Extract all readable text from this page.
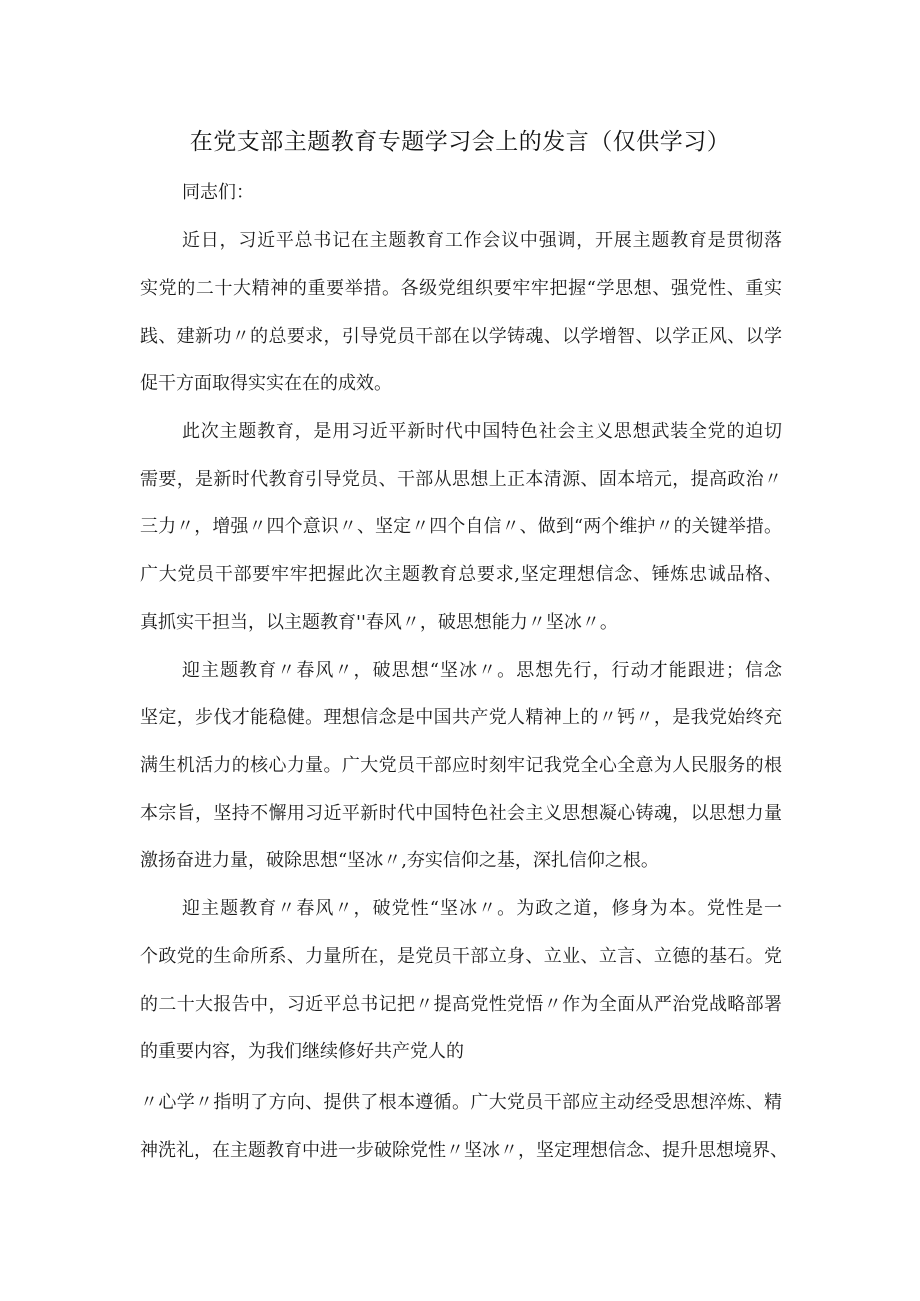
在党支部主题教育专题学习会上的发言（仅供学习）
同志们：
近日，习近平总书记在主题教育工作会议中强调，开展主题教育是贯彻落
实党的二十大精神的重要举措。各级党组织要牢牢把握“学思想、强党性、重实
践、建新功〃的总要求，引导党员干部在以学铸魂、以学增智、以学正风、以学
促干方面取得实实在在的成效。
此次主题教育，是用习近平新时代中国特色社会主义思想武装全党的迫切
需要，是新时代教育引导党员、干部从思想上正本清源、固本培元，提高政治〃
三力〃，增强〃四个意识〃、坚定〃四个自信〃、做到“两个维护〃的关键举措。
广大党员干部要牢牢把握此次主题教育总要求,坚定理想信念、锤炼忠诚品格、
真抓实干担当，以主题教育''春风〃，破思想能力〃坚冰〃。
迎主题教育〃春风〃，破思想“坚冰〃。思想先行，行动才能跟进；信念
坚定，步伐才能稳健。理想信念是中国共产党人精神上的〃钙〃，是我党始终充
满生机活力的核心力量。广大党员干部应时刻牢记我党全心全意为人民服务的根
本宗旨，坚持不懈用习近平新时代中国特色社会主义思想凝心铸魂，以思想力量
激扬奋进力量，破除思想“坚冰〃,夯实信仰之基，深扎信仰之根。
迎主题教育〃春风〃，破党性“坚冰〃。为政之道，修身为本。党性是一
个政党的生命所系、力量所在，是党员干部立身、立业、立言、立德的基石。党
的二十大报告中，习近平总书记把〃提高党性党悟〃作为全面从严治党战略部署
的重要内容，为我们继续修好共产党人的
〃心学〃指明了方向、提供了根本遵循。广大党员干部应主动经受思想淬炼、精
神洗礼，在主题教育中进一步破除党性〃坚冰〃，坚定理想信念、提升思想境界、
